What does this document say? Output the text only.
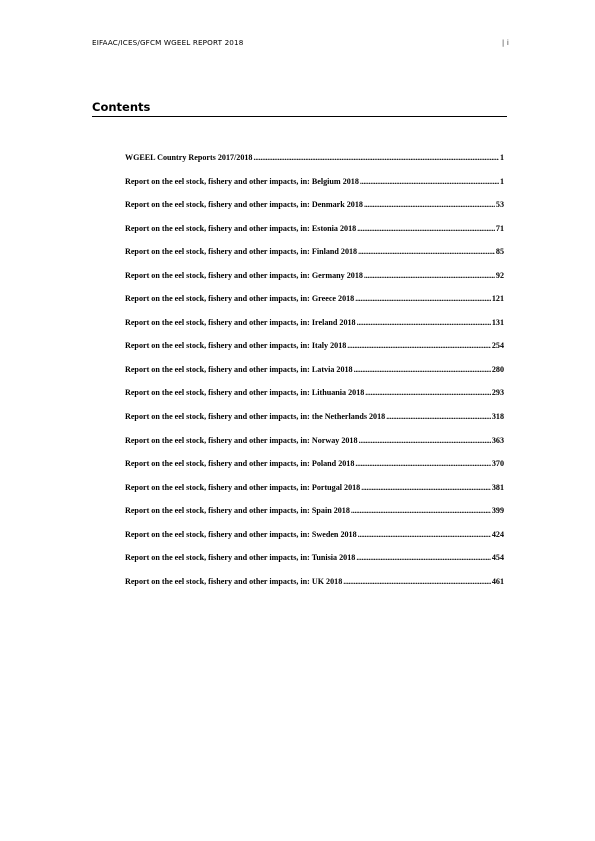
EIFAAC/ICES/GFCM WGEEL REPORT 2018	| i
Contents
WGEEL Country Reports 2017/2018 .....	1
Report on the eel stock, fishery and other impacts, in: Belgium 2018 .....	1
Report on the eel stock, fishery and other impacts, in: Denmark 2018 .....	53
Report on the eel stock, fishery and other impacts, in: Estonia 2018 .....	71
Report on the eel stock, fishery and other impacts, in: Finland 2018 .....	85
Report on the eel stock, fishery and other impacts, in: Germany 2018 .....	92
Report on the eel stock, fishery and other impacts, in: Greece 2018 .....	121
Report on the eel stock, fishery and other impacts, in: Ireland 2018 .....	131
Report on the eel stock, fishery and other impacts, in: Italy 2018 .....	254
Report on the eel stock, fishery and other impacts, in: Latvia 2018 .....	280
Report on the eel stock, fishery and other impacts, in: Lithuania 2018 .....	293
Report on the eel stock, fishery and other impacts, in: the Netherlands 2018 .....	318
Report on the eel stock, fishery and other impacts, in: Norway 2018 .....	363
Report on the eel stock, fishery and other impacts, in: Poland 2018 .....	370
Report on the eel stock, fishery and other impacts, in: Portugal 2018 .....	381
Report on the eel stock, fishery and other impacts, in: Spain 2018 .....	399
Report on the eel stock, fishery and other impacts, in: Sweden 2018 .....	424
Report on the eel stock, fishery and other impacts, in: Tunisia 2018 .....	454
Report on the eel stock, fishery and other impacts, in: UK 2018 .....	461
